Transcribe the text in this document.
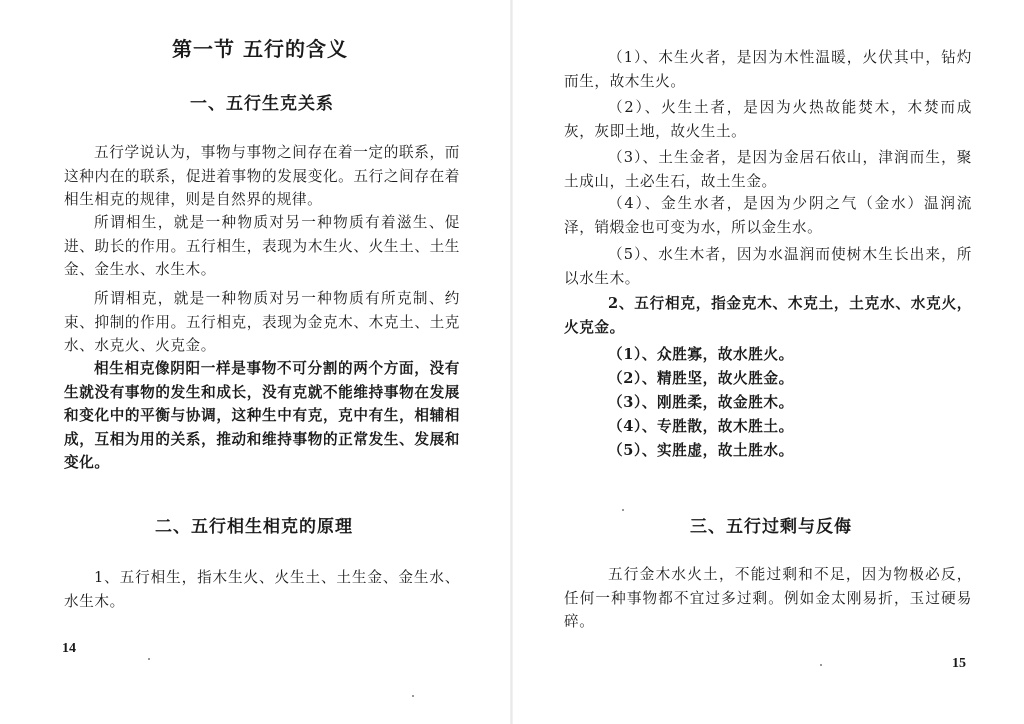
第一节 五行的含义
一、五行生克关系

五行学说认为，事物与事物之间存在着一定的联系，而这种内在的联系，促进着事物的发展变化。五行之间存在着相生相克的规律，则是自然界的规律。

所谓相生，就是一种物质对另一种物质有着滋生、促进、助长的作用。五行相生，表现为木生火、火生土、土生金、金生水、水生木。

所谓相克，就是一种物质对另一种物质有所克制、约束、抑制的作用。五行相克，表现为金克木、木克土、土克水、水克火、火克金。

相生相克像阴阳一样是事物不可分割的两个方面，没有生就没有事物的发生和成长，没有克就不能维持事物在发展和变化中的平衡与协调，这种生中有克，克中有生，相辅相成，互相为用的关系，推动和维持事物的正常发生、发展和变化。

二、五行相生相克的原理

1、五行相生，指木生火、火生土、土生金、金生水、水生木。

14

（1）、木生火者，是因为木性温暖，火伏其中，钻灼而生，故木生火。

（2）、火生土者，是因为火热故能焚木，木焚而成灰，灰即土地，故火生土。

（3）、土生金者，是因为金居石依山，津润而生，聚土成山，土必生石，故土生金。

（4）、金生水者，是因为少阴之气（金水）温润流泽，销煅金也可变为水，所以金生水。

（5）、水生木者，因为水温润而使树木生长出来，所以水生木。

2、五行相克，指金克木、木克土，土克水、水克火，火克金。

（1）、众胜寡，故水胜火。

（2）、精胜坚，故火胜金。

（3）、刚胜柔，故金胜木。

（4）、专胜散，故木胜土。

（5）、实胜虚，故土胜水。

三、五行过剩与反侮

五行金木水火土，不能过剩和不足，因为物极必反，任何一种事物都不宜过多过剩。例如金太刚易折，玉过硬易碎。

15
